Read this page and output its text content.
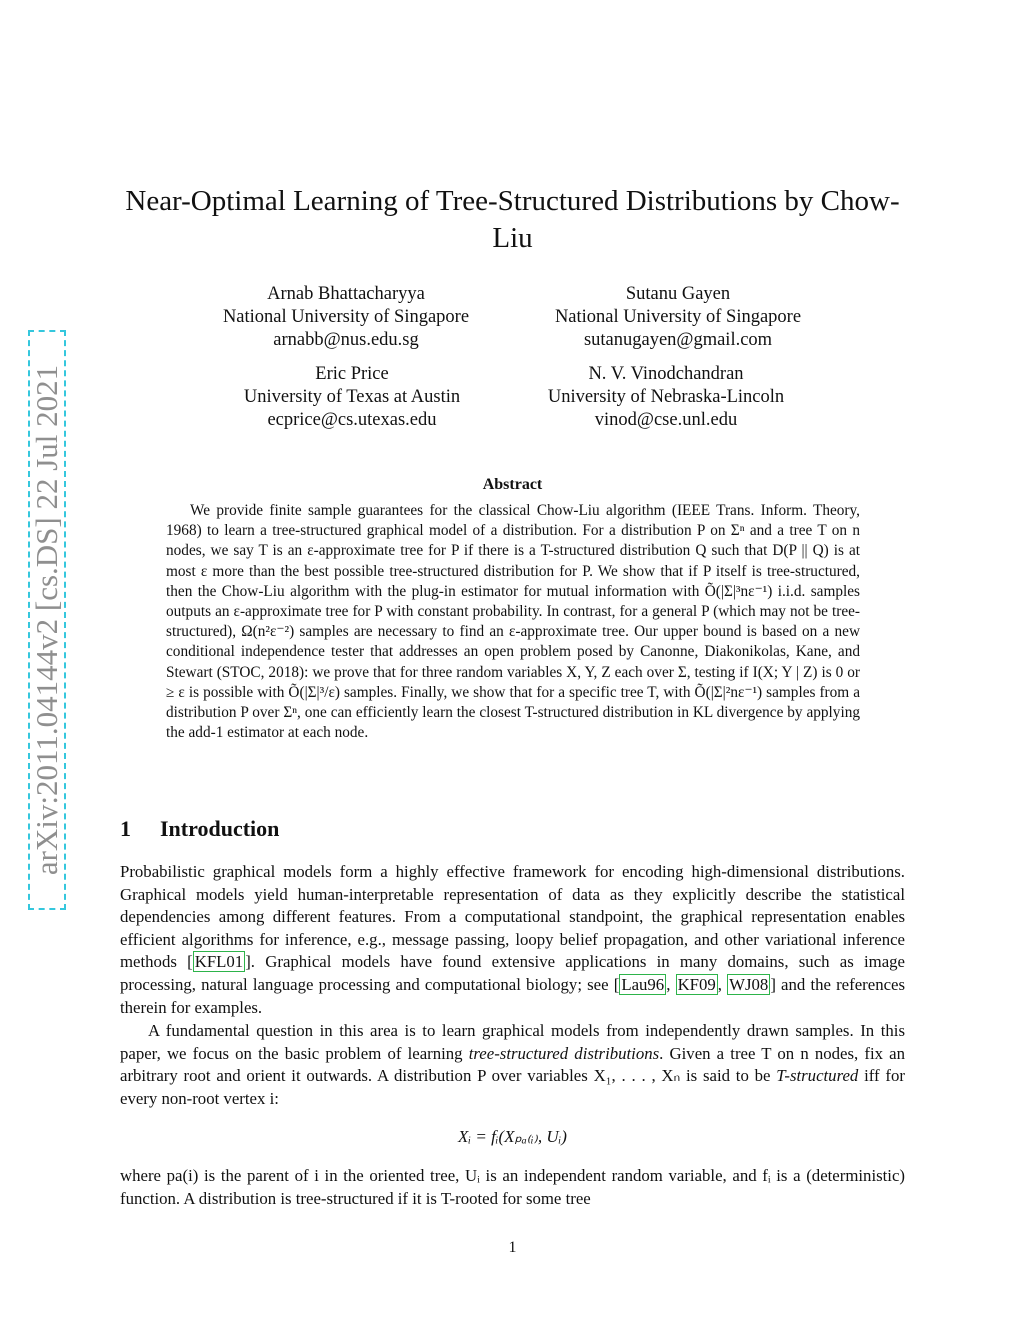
arXiv:2011.04144v2 [cs.DS] 22 Jul 2021
Near-Optimal Learning of Tree-Structured Distributions by Chow-Liu
Arnab Bhattacharyya
National University of Singapore
arnabb@nus.edu.sg
Sutanu Gayen
National University of Singapore
sutanugayen@gmail.com
Eric Price
University of Texas at Austin
ecprice@cs.utexas.edu
N. V. Vinodchandran
University of Nebraska-Lincoln
vinod@cse.unl.edu
Abstract
We provide finite sample guarantees for the classical Chow-Liu algorithm (IEEE Trans. Inform. Theory, 1968) to learn a tree-structured graphical model of a distribution. For a distribution P on Σⁿ and a tree T on n nodes, we say T is an ε-approximate tree for P if there is a T-structured distribution Q such that D(P || Q) is at most ε more than the best possible tree-structured distribution for P. We show that if P itself is tree-structured, then the Chow-Liu algorithm with the plug-in estimator for mutual information with Õ(|Σ|³nε⁻¹) i.i.d. samples outputs an ε-approximate tree for P with constant probability. In contrast, for a general P (which may not be tree-structured), Ω(n²ε⁻²) samples are necessary to find an ε-approximate tree. Our upper bound is based on a new conditional independence tester that addresses an open problem posed by Canonne, Diakonikolas, Kane, and Stewart (STOC, 2018): we prove that for three random variables X, Y, Z each over Σ, testing if I(X; Y | Z) is 0 or ≥ ε is possible with Õ(|Σ|³/ε) samples. Finally, we show that for a specific tree T, with Õ(|Σ|²nε⁻¹) samples from a distribution P over Σⁿ, one can efficiently learn the closest T-structured distribution in KL divergence by applying the add-1 estimator at each node.
1 Introduction
Probabilistic graphical models form a highly effective framework for encoding high-dimensional distributions. Graphical models yield human-interpretable representation of data as they explicitly describe the statistical dependencies among different features. From a computational standpoint, the graphical representation enables efficient algorithms for inference, e.g., message passing, loopy belief propagation, and other variational inference methods [ KFL01 ]. Graphical models have found extensive applications in many domains, such as image processing, natural language processing and computational biology; see [ Lau96 , KF09 , WJ08 ] and the references therein for examples.
A fundamental question in this area is to learn graphical models from independently drawn samples. In this paper, we focus on the basic problem of learning tree-structured distributions. Given a tree T on n nodes, fix an arbitrary root and orient it outwards. A distribution P over variables X₁, . . . , Xₙ is said to be T-structured iff for every non-root vertex i:
Xᵢ = fᵢ(Xₚₐ₍ᵢ₎, Uᵢ)
where pa(i) is the parent of i in the oriented tree, Uᵢ is an independent random variable, and fᵢ is a (deterministic) function. A distribution is tree-structured if it is T-rooted for some tree
1
